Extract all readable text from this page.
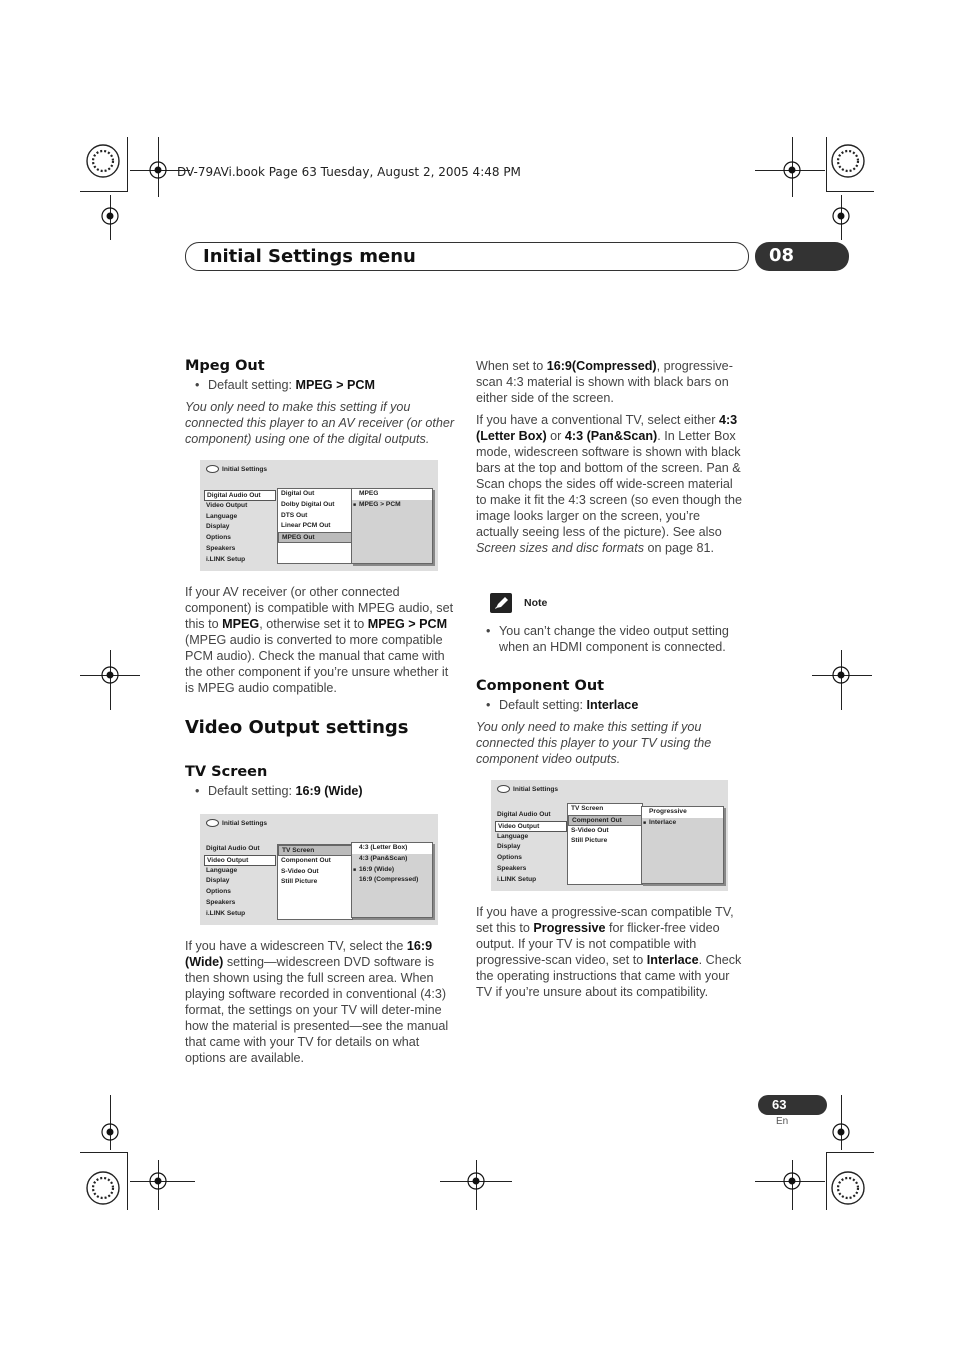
DV-79AVi.book Page 63 Tuesday, August 2, 2005 4:48 PM
Initial Settings menu	08
Mpeg Out
• Default setting: MPEG > PCM

You only need to make this setting if you connected this player to an AV receiver (or other component) using one of the digital outputs.

Initial Settings
Digital Audio Out
Video Output
Language
Display
Options
Speakers
i.LINK Setup
Digital Out
Dolby Digital Out
DTS Out
Linear PCM Out
MPEG Out
MPEG
■ MPEG > PCM

If your AV receiver (or other connected component) is compatible with MPEG audio, set this to MPEG, otherwise set it to MPEG > PCM (MPEG audio is converted to more compatible PCM audio). Check the manual that came with the other component if you’re unsure whether it is MPEG audio compatible.

Video Output settings
TV Screen
• Default setting: 16:9 (Wide)
Initial Settings
Digital Audio Out
Video Output
Language
Display
Options
Speakers
i.LINK Setup
TV Screen
Component Out
S-Video Out
Still Picture
4:3 (Letter Box)
4:3 (Pan&Scan)
■ 16:9 (Wide)
16:9 (Compressed)

If you have a widescreen TV, select the 16:9 (Wide) setting—widescreen DVD software is then shown using the full screen area. When playing software recorded in conventional (4:3) format, the settings on your TV will deter-mine how the material is presented—see the manual that came with your TV for details on what options are available.

When set to 16:9(Compressed), progressive-scan 4:3 material is shown with black bars on either side of the screen.

If you have a conventional TV, select either 4:3 (Letter Box) or 4:3 (Pan&Scan). In Letter Box mode, widescreen software is shown with black bars at the top and bottom of the screen. Pan & Scan chops the sides off wide-screen material to make it fit the 4:3 screen (so even though the image looks larger on the screen, you’re actually seeing less of the picture). See also Screen sizes and disc formats on page 81.

Note
• You can’t change the video output setting when an HDMI component is connected.
Component Out
• Default setting: Interlace

You only need to make this setting if you connected this player to your TV using the component video outputs.

Initial Settings
Digital Audio Out
Video Output
Language
Display
Options
Speakers
i.LINK Setup
TV Screen
Component Out
S-Video Out
Still Picture
Progressive
■ Interlace

If you have a progressive-scan compatible TV, set this to Progressive for flicker-free video output. If your TV is not compatible with progressive-scan video, set to Interlace. Check the operating instructions that came with your TV if you’re unsure about its compatibility.

63
En
